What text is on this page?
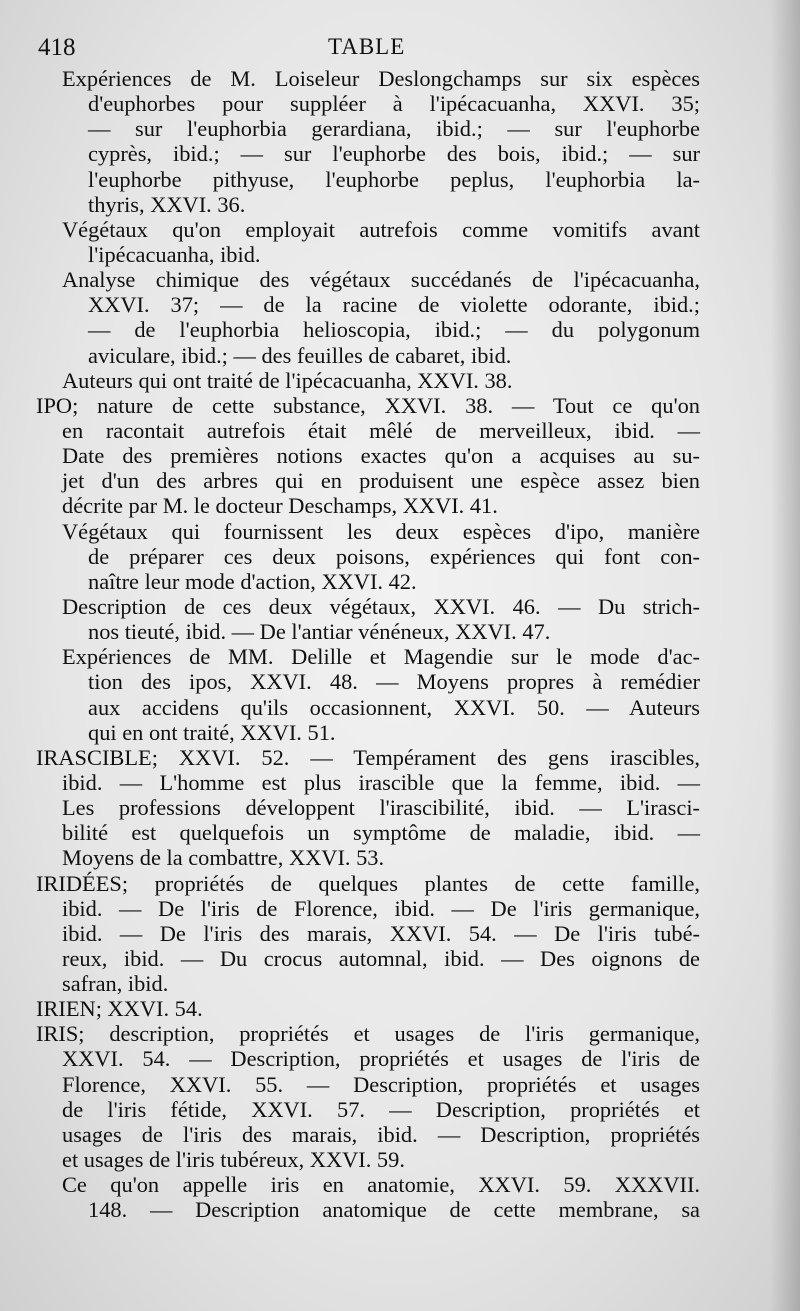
418	TABLE
Expériences de M. Loiseleur Deslongchamps sur six espèces
d'euphorbes pour suppléer à l'ipécacuanha, XXVI. 35;
— sur l'euphorbia gerardiana, ibid.; — sur l'euphorbe
cyprès, ibid.; — sur l'euphorbe des bois, ibid.; — sur
l'euphorbe pithyuse, l'euphorbe peplus, l'euphorbia la-
thyris, XXVI. 36.
Végétaux qu'on employait autrefois comme vomitifs avant
l'ipécacuanha, ibid.
Analyse chimique des végétaux succédanés de l'ipécacuanha,
XXVI. 37; — de la racine de violette odorante, ibid.;
— de l'euphorbia helioscopia, ibid.; — du polygonum
aviculare, ibid.; — des feuilles de cabaret, ibid.
Auteurs qui ont traité de l'ipécacuanha, XXVI. 38.
IPO; nature de cette substance, XXVI. 38. — Tout ce qu'on
en racontait autrefois était mêlé de merveilleux, ibid. —
Date des premières notions exactes qu'on a acquises au su-
jet d'un des arbres qui en produisent une espèce assez bien
décrite par M. le docteur Deschamps, XXVI. 41.
Végétaux qui fournissent les deux espèces d'ipo, manière
de préparer ces deux poisons, expériences qui font con-
naître leur mode d'action, XXVI. 42.
Description de ces deux végétaux, XXVI. 46. — Du strich-
nos tieuté, ibid. — De l'antiar vénéneux, XXVI. 47.
Expériences de MM. Delille et Magendie sur le mode d'ac-
tion des ipos, XXVI. 48. — Moyens propres à remédier
aux accidens qu'ils occasionnent, XXVI. 50. — Auteurs
qui en ont traité, XXVI. 51.
IRASCIBLE; XXVI. 52. — Tempérament des gens irascibles,
ibid. — L'homme est plus irascible que la femme, ibid. —
Les professions développent l'irascibilité, ibid. — L'irasci-
bilité est quelquefois un symptôme de maladie, ibid. —
Moyens de la combattre, XXVI. 53.
IRIDÉES; propriétés de quelques plantes de cette famille,
ibid. — De l'iris de Florence, ibid. — De l'iris germanique,
ibid. — De l'iris des marais, XXVI. 54. — De l'iris tubé-
reux, ibid. — Du crocus automnal, ibid. — Des oignons de
safran, ibid.
IRIEN; XXVI. 54.
IRIS; description, propriétés et usages de l'iris germanique,
XXVI. 54. — Description, propriétés et usages de l'iris de
Florence, XXVI. 55. — Description, propriétés et usages
de l'iris fétide, XXVI. 57. — Description, propriétés et
usages de l'iris des marais, ibid. — Description, propriétés
et usages de l'iris tubéreux, XXVI. 59.
Ce qu'on appelle iris en anatomie, XXVI. 59. XXXVII.
148. — Description anatomique de cette membrane, sa
